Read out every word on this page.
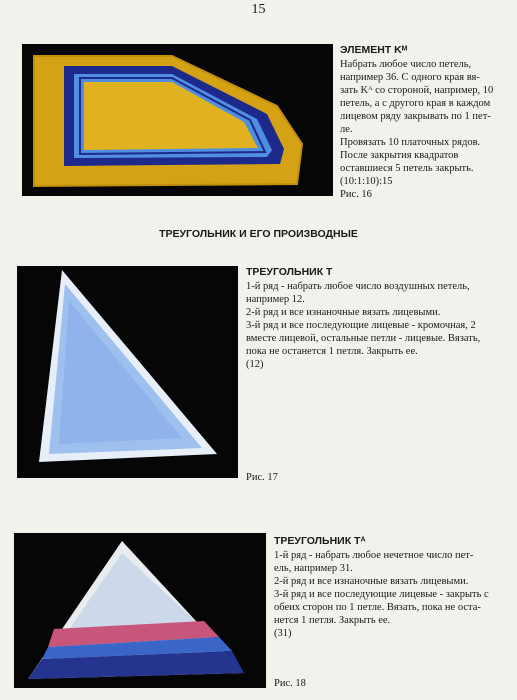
15
ЭЛЕМЕНТ Kᴹ
Набрать любое число петель,
например 36. С одного края вя-
зать Kᴬ со стороной, например, 10
петель, а с другого края в каждом
лицевом ряду закрывать по 1 пет-
ле.
Провязать 10 платочных рядов.
После закрытия квадратов
оставшиеся 5 петель закрыть.
(10:1:10):15
Рис. 16
ТРЕУГОЛЬНИК И ЕГО ПРОИЗВОДНЫЕ
ТРЕУГОЛЬНИК Т
1-й ряд - набрать любое число воздушных петель,
например 12.
2-й ряд и все изнаночные вязать лицевыми.
3-й ряд и все последующие лицевые - кромочная, 2
вместе лицевой, остальные петли - лицевые. Вязать,
пока не останется 1 петля. Закрыть ее.
(12)
Рис. 17
ТРЕУГОЛЬНИК Тᴬ
1-й ряд - набрать любое нечетное число пет-
ель, например 31.
2-й ряд и все изнаночные вязать лицевыми.
3-й ряд и все последующие лицевые - закрыть с
обеих сторон по 1 петле. Вязать, пока не оста-
нется 1 петля. Закрыть ее.
(31)
Рис. 18
